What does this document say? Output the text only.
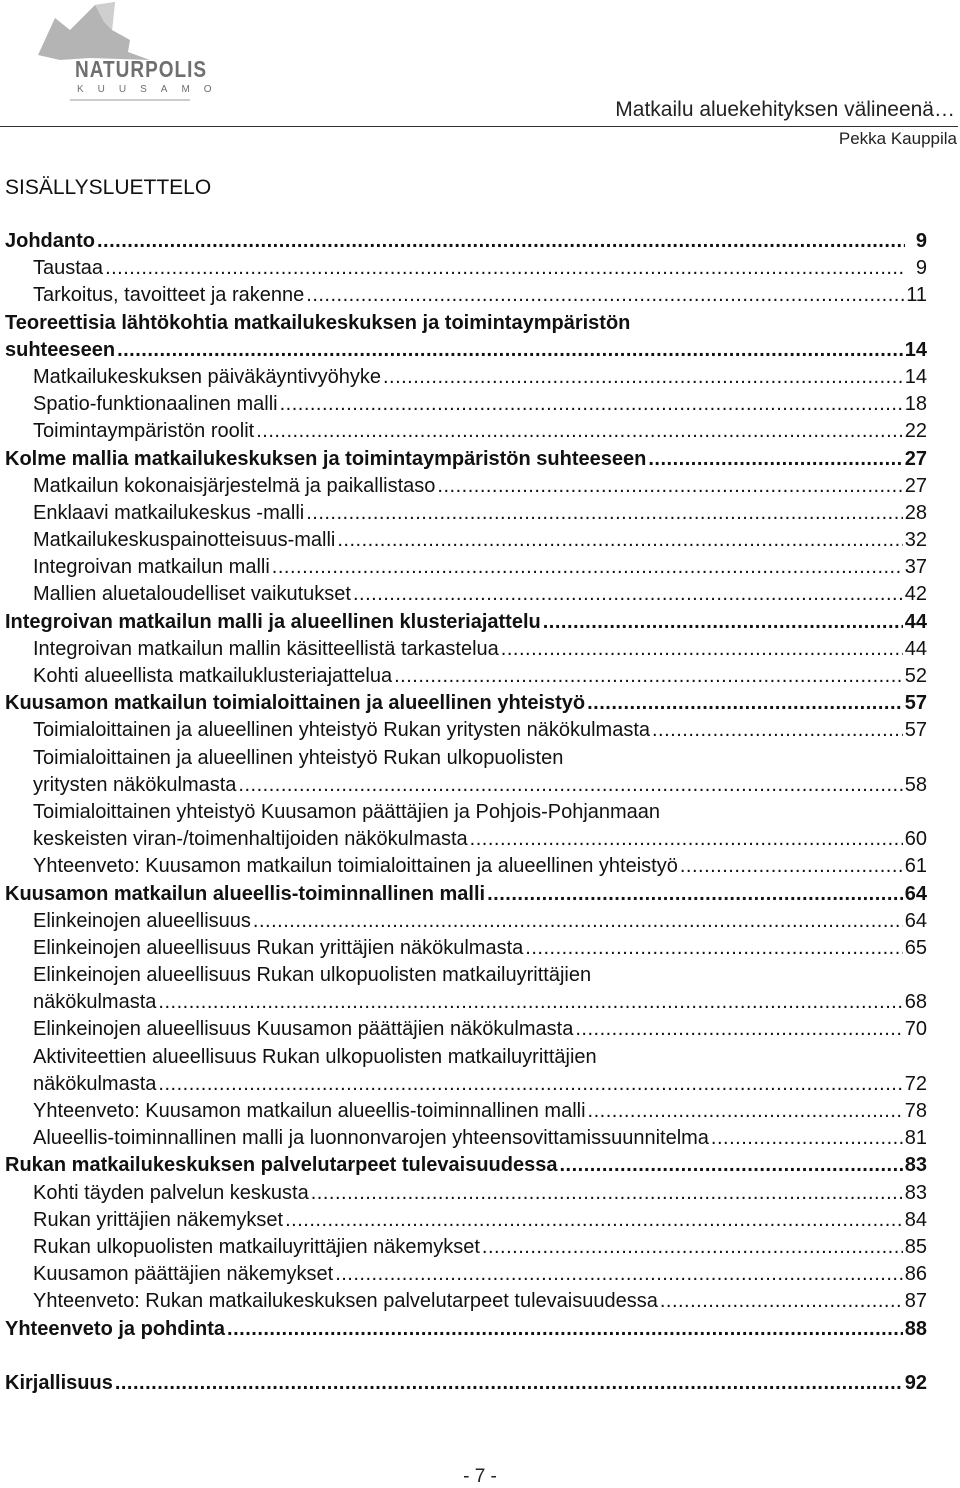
NATURPOLIS
KUUSAMO
Matkailu aluekehityksen välineenä…
Pekka Kauppila
SISÄLLYSLUETTELO
Johdanto .....	9
Taustaa .....	9
Tarkoitus, tavoitteet ja rakenne .....	11
Teoreettisia lähtökohtia matkailukeskuksen ja toimintaympäristön
suhteeseen .....	14
Matkailukeskuksen päiväkäyntivyöhyke .....	14
Spatio-funktionaalinen malli .....	18
Toimintaympäristön roolit .....	22
Kolme mallia matkailukeskuksen ja toimintaympäristön suhteeseen .....	27
Matkailun kokonaisjärjestelmä ja paikallistaso .....	27
Enklaavi matkailukeskus -malli .....	28
Matkailukeskuspainotteisuus-malli .....	32
Integroivan matkailun malli .....	37
Mallien aluetaloudelliset vaikutukset .....	42
Integroivan matkailun malli ja alueellinen klusteriajattelu .....	44
Integroivan matkailun mallin käsitteellistä tarkastelua .....	44
Kohti alueellista matkailuklusteriajattelua .....	52
Kuusamon matkailun toimialoittainen ja alueellinen yhteistyö .....	57
Toimialoittainen ja alueellinen yhteistyö Rukan yritysten näkökulmasta .....	57
Toimialoittainen ja alueellinen yhteistyö Rukan ulkopuolisten
yritysten näkökulmasta .....	58
Toimialoittainen yhteistyö Kuusamon päättäjien ja Pohjois-Pohjanmaan
keskeisten viran-/toimenhaltijoiden näkökulmasta .....	60
Yhteenveto: Kuusamon matkailun toimialoittainen ja alueellinen yhteistyö .....	61
Kuusamon matkailun alueellis-toiminnallinen malli .....	64
Elinkeinojen alueellisuus .....	64
Elinkeinojen alueellisuus Rukan yrittäjien näkökulmasta .....	65
Elinkeinojen alueellisuus Rukan ulkopuolisten matkailuyrittäjien
näkökulmasta .....	68
Elinkeinojen alueellisuus Kuusamon päättäjien näkökulmasta .....	70
Aktiviteettien alueellisuus Rukan ulkopuolisten matkailuyrittäjien
näkökulmasta .....	72
Yhteenveto: Kuusamon matkailun alueellis-toiminnallinen malli .....	78
Alueellis-toiminnallinen malli ja luonnonvarojen yhteensovittamissuunnitelma .....	81
Rukan matkailukeskuksen palvelutarpeet tulevaisuudessa .....	83
Kohti täyden palvelun keskusta .....	83
Rukan yrittäjien näkemykset .....	84
Rukan ulkopuolisten matkailuyrittäjien näkemykset .....	85
Kuusamon päättäjien näkemykset .....	86
Yhteenveto: Rukan matkailukeskuksen palvelutarpeet tulevaisuudessa .....	87
Yhteenveto ja pohdinta .....	88
Kirjallisuus .....	92
- 7 -
